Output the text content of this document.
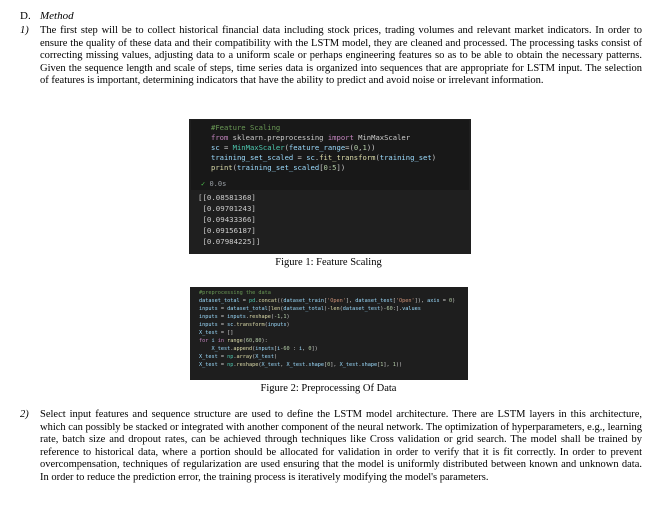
D. Method
1)	The first step will be to collect historical financial data including stock prices, trading volumes and relevant market indicators. In order to ensure the quality of these data and their compatibility with the LSTM model, they are cleaned and processed. The processing tasks consist of correcting missing values, adjusting data to a uniform scale or perhaps engineering features so as to be able to obtain the necessary patterns. Given the sequence length and scale of steps, time series data is organized into sequences that are appropriate for LSTM input. The selection of features is important, determining indicators that have the ability to predict and avoid noise or irrelevant information.
#Feature Scaling
from sklearn.preprocessing import MinMaxScaler
sc = MinMaxScaler(feature_range=(0,1))
training_set_scaled = sc.fit_transform(training_set)
print(training_set_scaled[0:5])
✓ 0.0s
[[0.08581368]
[0.09701243]
[0.09433366]
[0.09156187]
[0.07984225]]
Figure 1: Feature Scaling
#preprocessing the data
dataset_total = pd.concat((dataset_train['Open'], dataset_test['Open']), axis = 0)
inputs = dataset_total[len(dataset_total)-len(dataset_test)-60:].values
inputs = inputs.reshape(-1,1)
inputs = sc.transform(inputs)
X_test = []
for i in range(60,80):
X_test.append(inputs[i-60 : i, 0])
X_test = np.array(X_test)
X_test = np.reshape(X_test, X_test.shape[0], X_test.shape[1], 1))
Figure 2: Preprocessing Of Data
2)	Select input features and sequence structure are used to define the LSTM model architecture. There are LSTM layers in this architecture, which can possibly be stacked or integrated with another component of the neural network. The optimization of hyperparameters, e.g., learning rate, batch size and dropout rates, can be achieved through techniques like Cross validation or grid search. The model shall be trained by reference to historical data, where a portion should be allocated for validation in order to verify that it is fit correctly. In order to prevent overcompensation, techniques of regularization are used ensuring that the model is uniformly distributed between known and unknown data. In order to reduce the prediction error, the training process is iteratively modifying the model's parameters.
